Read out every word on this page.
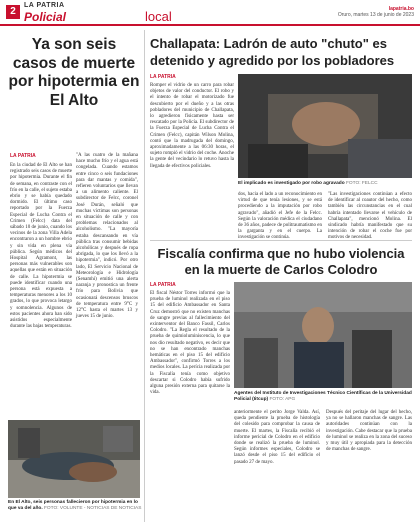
2
LA PATRIA
Policial	local	lapatria.bo
Oruro, martes 13 de junio de 2023
Ya son seis casos de muerte por hipotermia en El Alto
LA PATRIA
En la ciudad de El Alto se han registrado seis casos de muerte por hipotermia. Durante el fin de semana, en contraste con el frío en la calle, el sujeto estaba ebrio y se había quedado dormido. El último caso reportado por la Fuerza Especial de Lucha Contra el Crimen (Felcc) data del sábado 10 de junio, cuando los vecinos de la zona Villa Adela encontraron a un hombre ebrio y sin vida en plena vía pública. Según médicos del Hospital Agramont, las personas más vulnerables son aquellas que están en situación de calle. La hipotermia se puede identificar cuando una persona está expuesta a temperaturas menores a los 10 grados, lo que provoca letargo y somnolencia. Algunos de estos pacientes ahora han sido asistidos especialmente durante las bajas temperaturas.
"A las cuatro de la mañana hace mucho frío y el agua está congelada. Cuando estamos entre cinco o seis fundaciones para dar mantas y comida", refieren voluntarios que llevan a un alimento caliente. El subdirector de Felcc, coronel José Durán, señaló que muchas víctimas son personas en situación de calle y con problemas relacionados al alcoholismo. "La mayoría estaba descansando en vía pública tras consumir bebidas alcohólicas y después de ropa abrigada, lo que los llevó a la hipotermia", indicó. Por otro lado, El Servicio Nacional de Meteorología e Hidrología (Senamhi) emitió una alerta naranja y pronostica un frente frío para Bolivia que ocasionará descensos bruscos de temperatura entre 9°C y 12°C hasta el martes 13 y jueves 15 de junio.
En El Alto, seis personas fallecieron por hipotermia en lo que va del año. FOTO: VOLUNTE - NOTICIAS DE NOTICIAS
Challapata: Ladrón de auto "chuto" es detenido y agredido por los pobladores
LA PATRIA
Romper el vidrio de un carro para robar objetos de valor del conductor. El robo y el intento de robar el motorizado fue descubierto por el dueño y a las otras pobladores del municipio de Challapata, lo agredieron físicamente hasta ser rescatado por la Policía. El subdirector de la Fuerza Especial de Lucha Contra el Crimen (Felcc), capitán Wilson Molina, contó que la madrugada del domingo, aproximadamente a las 06:30 horas, el sujeto rompió el vidrio del coche. Anoche la gente del vecindario lo retuvo hasta la llegada de efectivos policiales.
El implicado es investigado por robo agravado FOTO: FELCC
dos, hacia el lado a un reconocimiento en virtud de que tenía lesiones, y se está procediendo a la imputación por robo agravado", añadió el Jefe de la Felcc. Según la valoración médica el ciudadano de 36 años, padece de politraumatismo en la garganta y en el cuerpo. La investigación se continúa.
"Las investigaciones continúan a efecto de identificar al coautor del hecho, como también las circunstancias en el cual habría intentado llevarse el vehículo de Challapata", mencionó Molina. El sindicado habría manifestado que su intención de robar el coche fue por motivos de necesidad.
Fiscalía confirma que no hubo violencia en la muerte de Carlos Colodro
LA PATRIA
El fiscal Néstor Torres informó que la prueba de luminol realizada en el piso 15 del edificio Ambassador en Santa Cruz demostró que no existen manchas de sangre previas al fallecimiento del exinterventor del Banco Fassil, Carlos Colodro. "La Regla el resultado de la prueba de quimioluminiscencia, lo que nos dio resultado negativo, es decir que no se han encontrado manchas hemáticas en el piso 15 del edificio Ambassador", confirmó Torres a los medios locales. La perícia realizada por la Fiscalía tenía como objetivo descartar si Colodro había sufrido alguna presión externa para quitarse la vida.	Agentes del Instituto de Investigaciones Técnico Científicas de la Universidad Policial (Iitcup) FOTO: APG
anteriormente el perito Jorge Valda. Así, queda pendiente la prueba de histología del colesido para comprobar la causa de muerte. El martes, la Fiscalía recibió el informe pericial de Colodro en el edificio donde se realizó la prueba de luminol. Según informes especiales, Colodro se lanzó desde el piso 15 del edificio el pasado 27 de mayo.
Después del peritaje del lugar del hecho, ya no se hallaron manchas de sangre. Las autoridades continúan con la investigación. Cabe destacar que la prueba de luminol se realiza en la zona del suceso y muy útil y apropiada para la detección de manchas de sangre.
